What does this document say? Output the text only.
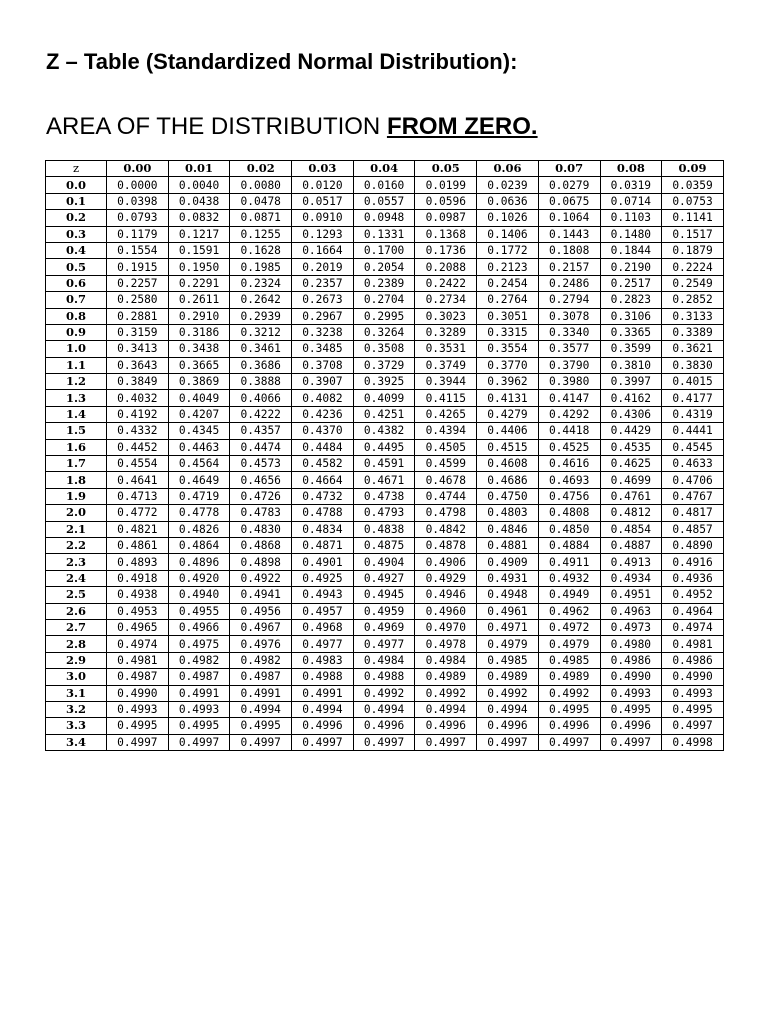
Z – Table (Standardized Normal Distribution):

AREA OF THE DISTRIBUTION FROM ZERO.

z	0.00	0.01	0.02	0.03	0.04	0.05	0.06	0.07	0.08	0.09
0.0	0.0000	0.0040	0.0080	0.0120	0.0160	0.0199	0.0239	0.0279	0.0319	0.0359
0.1	0.0398	0.0438	0.0478	0.0517	0.0557	0.0596	0.0636	0.0675	0.0714	0.0753
0.2	0.0793	0.0832	0.0871	0.0910	0.0948	0.0987	0.1026	0.1064	0.1103	0.1141
0.3	0.1179	0.1217	0.1255	0.1293	0.1331	0.1368	0.1406	0.1443	0.1480	0.1517
0.4	0.1554	0.1591	0.1628	0.1664	0.1700	0.1736	0.1772	0.1808	0.1844	0.1879
0.5	0.1915	0.1950	0.1985	0.2019	0.2054	0.2088	0.2123	0.2157	0.2190	0.2224
0.6	0.2257	0.2291	0.2324	0.2357	0.2389	0.2422	0.2454	0.2486	0.2517	0.2549
0.7	0.2580	0.2611	0.2642	0.2673	0.2704	0.2734	0.2764	0.2794	0.2823	0.2852
0.8	0.2881	0.2910	0.2939	0.2967	0.2995	0.3023	0.3051	0.3078	0.3106	0.3133
0.9	0.3159	0.3186	0.3212	0.3238	0.3264	0.3289	0.3315	0.3340	0.3365	0.3389
1.0	0.3413	0.3438	0.3461	0.3485	0.3508	0.3531	0.3554	0.3577	0.3599	0.3621
1.1	0.3643	0.3665	0.3686	0.3708	0.3729	0.3749	0.3770	0.3790	0.3810	0.3830
1.2	0.3849	0.3869	0.3888	0.3907	0.3925	0.3944	0.3962	0.3980	0.3997	0.4015
1.3	0.4032	0.4049	0.4066	0.4082	0.4099	0.4115	0.4131	0.4147	0.4162	0.4177
1.4	0.4192	0.4207	0.4222	0.4236	0.4251	0.4265	0.4279	0.4292	0.4306	0.4319
1.5	0.4332	0.4345	0.4357	0.4370	0.4382	0.4394	0.4406	0.4418	0.4429	0.4441
1.6	0.4452	0.4463	0.4474	0.4484	0.4495	0.4505	0.4515	0.4525	0.4535	0.4545
1.7	0.4554	0.4564	0.4573	0.4582	0.4591	0.4599	0.4608	0.4616	0.4625	0.4633
1.8	0.4641	0.4649	0.4656	0.4664	0.4671	0.4678	0.4686	0.4693	0.4699	0.4706
1.9	0.4713	0.4719	0.4726	0.4732	0.4738	0.4744	0.4750	0.4756	0.4761	0.4767
2.0	0.4772	0.4778	0.4783	0.4788	0.4793	0.4798	0.4803	0.4808	0.4812	0.4817
2.1	0.4821	0.4826	0.4830	0.4834	0.4838	0.4842	0.4846	0.4850	0.4854	0.4857
2.2	0.4861	0.4864	0.4868	0.4871	0.4875	0.4878	0.4881	0.4884	0.4887	0.4890
2.3	0.4893	0.4896	0.4898	0.4901	0.4904	0.4906	0.4909	0.4911	0.4913	0.4916
2.4	0.4918	0.4920	0.4922	0.4925	0.4927	0.4929	0.4931	0.4932	0.4934	0.4936
2.5	0.4938	0.4940	0.4941	0.4943	0.4945	0.4946	0.4948	0.4949	0.4951	0.4952
2.6	0.4953	0.4955	0.4956	0.4957	0.4959	0.4960	0.4961	0.4962	0.4963	0.4964
2.7	0.4965	0.4966	0.4967	0.4968	0.4969	0.4970	0.4971	0.4972	0.4973	0.4974
2.8	0.4974	0.4975	0.4976	0.4977	0.4977	0.4978	0.4979	0.4979	0.4980	0.4981
2.9	0.4981	0.4982	0.4982	0.4983	0.4984	0.4984	0.4985	0.4985	0.4986	0.4986
3.0	0.4987	0.4987	0.4987	0.4988	0.4988	0.4989	0.4989	0.4989	0.4990	0.4990
3.1	0.4990	0.4991	0.4991	0.4991	0.4992	0.4992	0.4992	0.4992	0.4993	0.4993
3.2	0.4993	0.4993	0.4994	0.4994	0.4994	0.4994	0.4994	0.4995	0.4995	0.4995
3.3	0.4995	0.4995	0.4995	0.4996	0.4996	0.4996	0.4996	0.4996	0.4996	0.4997
3.4	0.4997	0.4997	0.4997	0.4997	0.4997	0.4997	0.4997	0.4997	0.4997	0.4998
